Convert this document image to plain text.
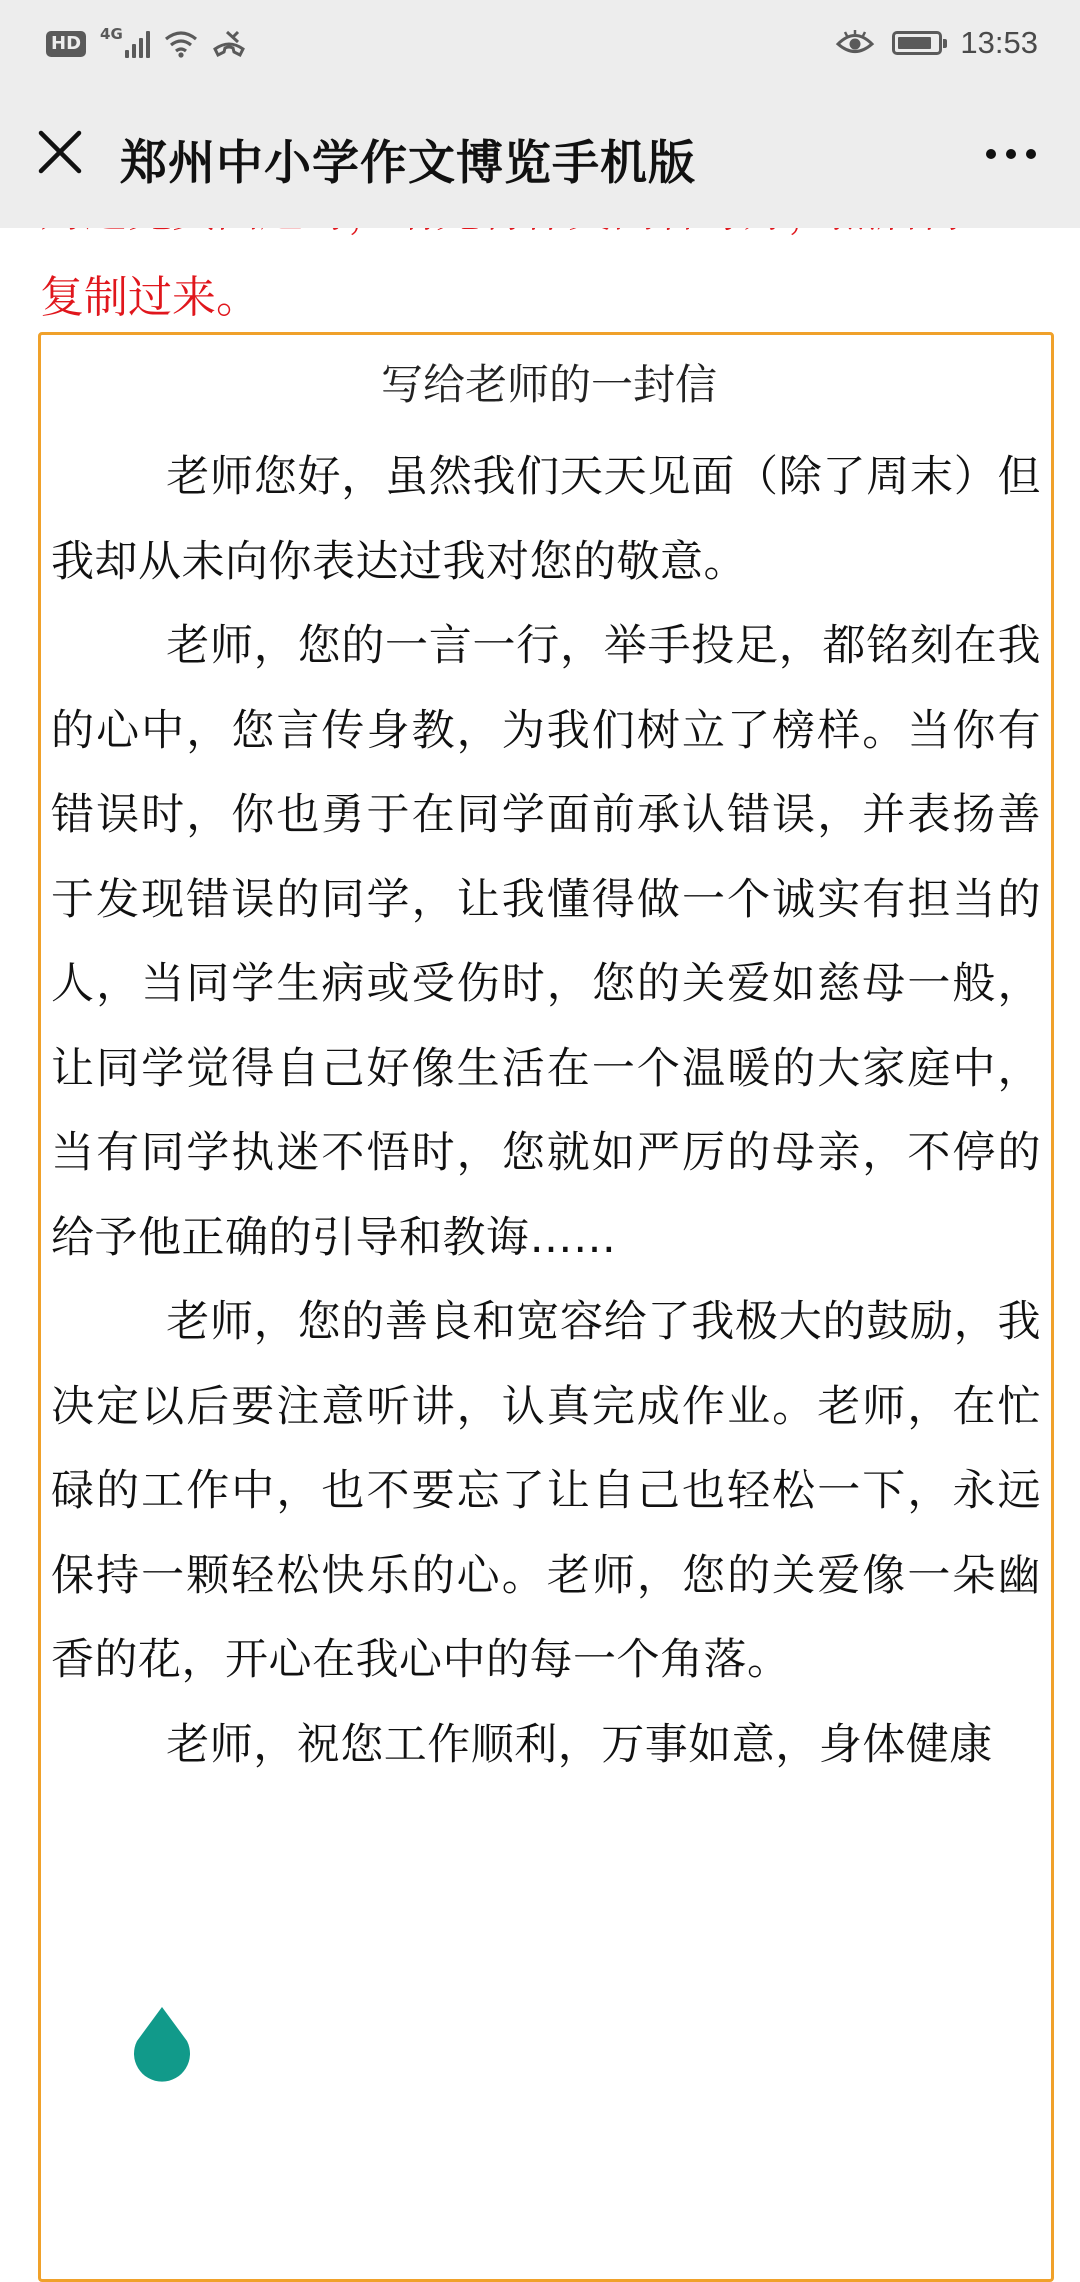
HD	4G	13:53
复制过来。
郑州中小学作文博览手机版
写给老师的一封信

老师您好，虽然我们天天见面（除了周末）但我却从未向你表达过我对您的敬意。

老师，您的一言一行，举手投足，都铭刻在我的心中，您言传身教，为我们树立了榜样。当你有错误时，你也勇于在同学面前承认错误，并表扬善于发现错误的同学，让我懂得做一个诚实有担当的人，当同学生病或受伤时，您的关爱如慈母一般，让同学觉得自己好像生活在一个温暖的大家庭中，当有同学执迷不悟时，您就如严厉的母亲，不停的给予他正确的引导和教诲……

老师，您的善良和宽容给了我极大的鼓励，我决定以后要注意听讲，认真完成作业。老师，在忙碌的工作中，也不要忘了让自己也轻松一下，永远保持一颗轻松快乐的心。老师，您的关爱像一朵幽香的花，开心在我心中的每一个角落。

老师，祝您工作顺利，万事如意，身体健康
